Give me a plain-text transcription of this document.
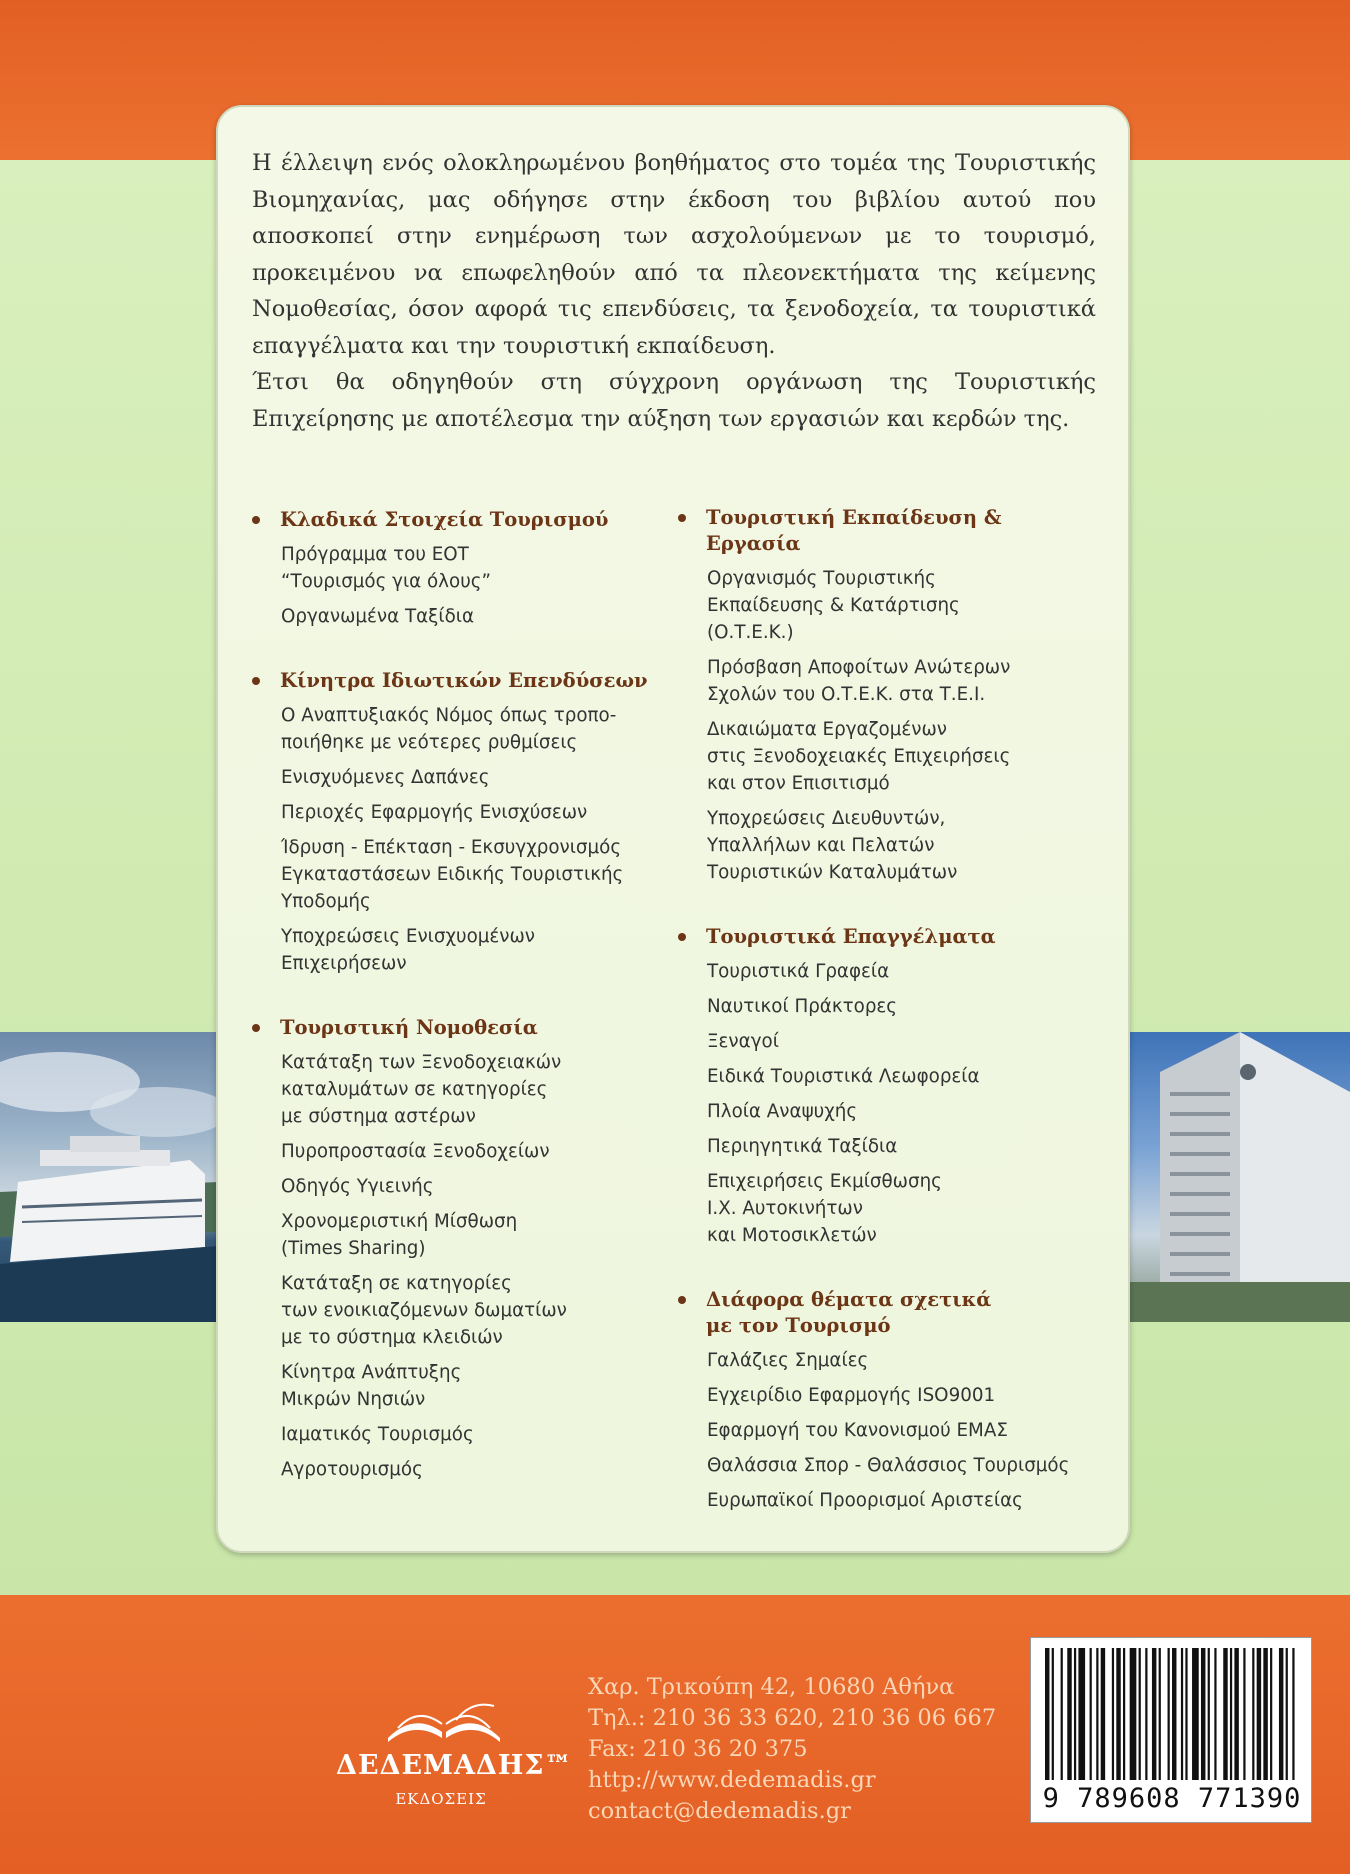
Η έλλειψη ενός ολοκληρωμένου βοηθήματος στο τομέα της Τουριστικής Βιομηχανίας, μας οδήγησε στην έκδοση του βιβλίου αυτού που αποσκοπεί στην ενημέρωση των ασχολούμενων με το τουρισμό, προκειμένου να επωφεληθούν από τα πλεονεκτήματα της κείμενης Νομοθεσίας, όσον αφορά τις επενδύσεις, τα ξενοδοχεία, τα τουριστικά επαγγέλματα και την τουριστική εκπαίδευση.

Έτσι θα οδηγηθούν στη σύγχρονη οργάνωση της Τουριστικής Επιχείρησης με αποτέλεσμα την αύξηση των εργασιών και κερδών της.

Κλαδικά Στοιχεία Τουρισμού
Πρόγραμμα του ΕΟΤ
“Τουρισμός για όλους”
Οργανωμένα Ταξίδια
Κίνητρα Ιδιωτικών Επενδύσεων
Ο Αναπτυξιακός Νόμος όπως τροπο-
ποιήθηκε με νεότερες ρυθμίσεις
Ενισχυόμενες Δαπάνες
Περιοχές Εφαρμογής Ενισχύσεων
Ίδρυση - Επέκταση - Εκσυγχρονισμός
Εγκαταστάσεων Ειδικής Τουριστικής
Υποδομής
Υποχρεώσεις Ενισχυομένων
Επιχειρήσεων
Τουριστική Νομοθεσία
Κατάταξη των Ξενοδοχειακών
καταλυμάτων σε κατηγορίες
με σύστημα αστέρων
Πυροπροστασία Ξενοδοχείων
Οδηγός Υγιεινής
Χρονομεριστική Μίσθωση
(Times Sharing)
Κατάταξη σε κατηγορίες
των ενοικιαζόμενων δωματίων
με το σύστημα κλειδιών
Κίνητρα Ανάπτυξης
Μικρών Νησιών
Ιαματικός Τουρισμός
Αγροτουρισμός
Τουριστική Εκπαίδευση & Εργασία
Οργανισμός Τουριστικής
Εκπαίδευσης & Κατάρτισης
(Ο.Τ.Ε.Κ.)
Πρόσβαση Αποφοίτων Ανώτερων
Σχολών του Ο.Τ.Ε.Κ. στα Τ.Ε.Ι.
Δικαιώματα Εργαζομένων
στις Ξενοδοχειακές Επιχειρήσεις
και στον Επισιτισμό
Υποχρεώσεις Διευθυντών,
Υπαλλήλων και Πελατών
Τουριστικών Καταλυμάτων
Τουριστικά Επαγγέλματα
Τουριστικά Γραφεία
Ναυτικοί Πράκτορες
Ξεναγοί
Ειδικά Τουριστικά Λεωφορεία
Πλοία Αναψυχής
Περιηγητικά Ταξίδια
Επιχειρήσεις Εκμίσθωσης
Ι.Χ. Αυτοκινήτων
και Μοτοσικλετών
Διάφορα θέματα σχετικά
με τον Τουρισμό
Γαλάζιες Σημαίες
Εγχειρίδιο Εφαρμογής ISO9001
Εφαρμογή του Κανονισμού ΕΜΑΣ
Θαλάσσια Σπορ - Θαλάσσιος Τουρισμός
Ευρωπαϊκοί Προορισμοί Αριστείας
ΔΕΔΕΜΑΔΗΣ™
ΕΚΔΟΣΕΙΣ
Χαρ. Τρικούπη 42, 10680 Αθήνα
Τηλ.: 210 36 33 620, 210 36 06 667
Fax: 210 36 20 375
http://www.dedemadis.gr
contact@dedemadis.gr	9 789608 771390
